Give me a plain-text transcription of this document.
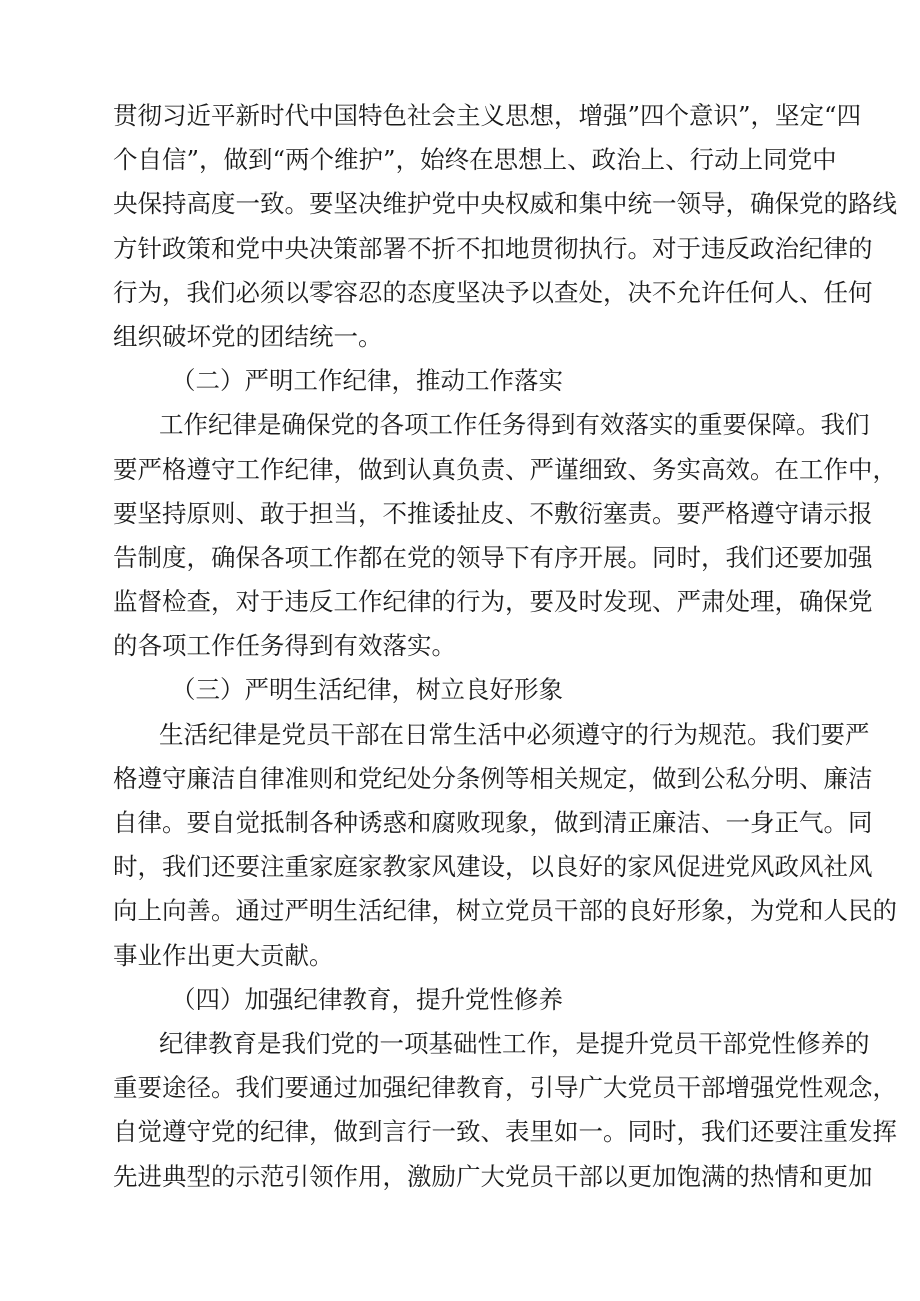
贯彻习近平新时代中国特色社会主义思想，增强”四个意识”，坚定“四
个自信”，做到“两个维护”，始终在思想上、政治上、行动上同党中
央保持高度一致。要坚决维护党中央权威和集中统一领导，确保党的路线
方针政策和党中央决策部署不折不扣地贯彻执行。对于违反政治纪律的
行为，我们必须以零容忍的态度坚决予以查处，决不允许任何人、任何
组织破坏党的团结统一。
（二）严明工作纪律，推动工作落实
工作纪律是确保党的各项工作任务得到有效落实的重要保障。我们
要严格遵守工作纪律，做到认真负责、严谨细致、务实高效。在工作中，
要坚持原则、敢于担当，不推诿扯皮、不敷衍塞责。要严格遵守请示报
告制度，确保各项工作都在党的领导下有序开展。同时，我们还要加强
监督检查，对于违反工作纪律的行为，要及时发现、严肃处理，确保党
的各项工作任务得到有效落实。
（三）严明生活纪律，树立良好形象
生活纪律是党员干部在日常生活中必须遵守的行为规范。我们要严
格遵守廉洁自律准则和党纪处分条例等相关规定，做到公私分明、廉洁
自律。要自觉抵制各种诱惑和腐败现象，做到清正廉洁、一身正气。同
时，我们还要注重家庭家教家风建设，以良好的家风促进党风政风社风
向上向善。通过严明生活纪律，树立党员干部的良好形象，为党和人民的
事业作出更大贡献。
（四）加强纪律教育，提升党性修养
纪律教育是我们党的一项基础性工作，是提升党员干部党性修养的
重要途径。我们要通过加强纪律教育，引导广大党员干部增强党性观念，
自觉遵守党的纪律，做到言行一致、表里如一。同时，我们还要注重发挥
先进典型的示范引领作用，激励广大党员干部以更加饱满的热情和更加
